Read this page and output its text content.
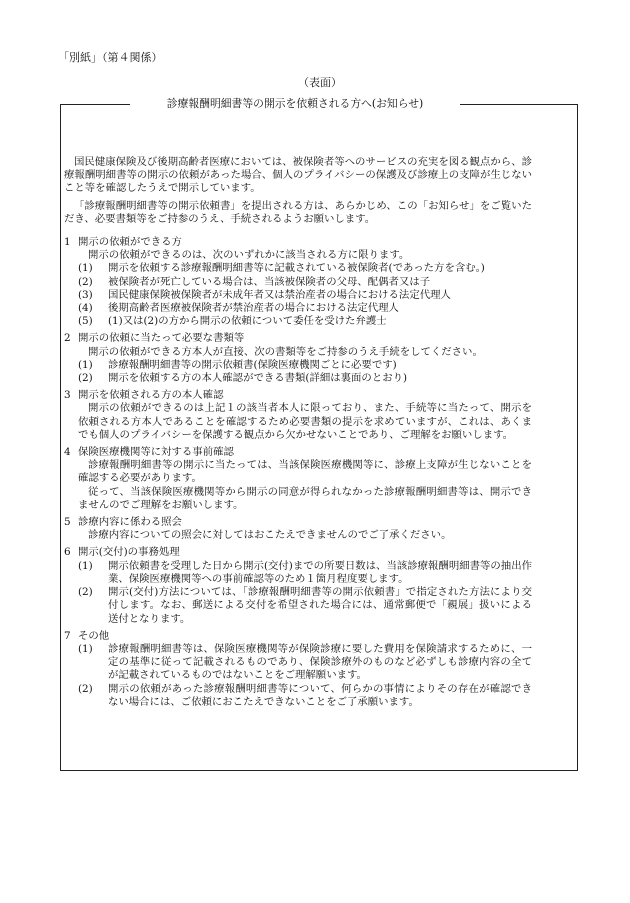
「別紙」（第４関係）
（表面）
診療報酬明細書等の開示を依頼される方へ(お知らせ)

国民健康保険及び後期高齢者医療においては、被保険者等へのサービスの充実を図る観点から、診療報酬明細書等の開示の依頼があった場合、個人のプライバシーの保護及び診療上の支障が生じないこと等を確認したうえで開示しています。

「診療報酬明細書等の開示依頼書」を提出される方は、あらかじめ、この「お知らせ」をご覧いただき、必要書類等をご持参のうえ、手続されるようお願いします。

1 開示の依頼ができる方

開示の依頼ができるのは、次のいずれかに該当される方に限ります。

(1)	開示を依頼する診療報酬明細書等に記載されている被保険者(であった方を含む。)
(2)	被保険者が死亡している場合は、当該被保険者の父母、配偶者又は子
(3)	国民健康保険被保険者が未成年者又は禁治産者の場合における法定代理人
(4)	後期高齢者医療被保険者が禁治産者の場合における法定代理人
(5)	(1)又は(2)の方から開示の依頼について委任を受けた弁護士
2 開示の依頼に当たって必要な書類等

開示の依頼ができる方本人が直接、次の書類等をご持参のうえ手続をしてください。

(1)	診療報酬明細書等の開示依頼書(保険医療機関ごとに必要です)
(2)	開示を依頼する方の本人確認ができる書類(詳細は裏面のとおり)
3 開示を依頼される方の本人確認

開示の依頼ができるのは上記１の該当者本人に限っており、また、手続等に当たって、開示を依頼される方本人であることを確認するため必要書類の提示を求めていますが、これは、あくまでも個人のプライバシーを保護する観点から欠かせないことであり、ご理解をお願いします。

4 保険医療機関等に対する事前確認

診療報酬明細書等の開示に当たっては、当該保険医療機関等に、診療上支障が生じないことを確認する必要があります。

従って、当該保険医療機関等から開示の同意が得られなかった診療報酬明細書等は、開示できませんのでご理解をお願いします。

5 診療内容に係わる照会

診療内容についての照会に対してはおこたえできませんのでご了承ください。

6 開示(交付)の事務処理
(1)	開示依頼書を受理した日から開示(交付)までの所要日数は、当該診療報酬明細書等の抽出作業、保険医療機関等への事前確認等のため１箇月程度要します。
(2)	開示(交付)方法については、「診療報酬明細書等の開示依頼書」で指定された方法により交付します。なお、郵送による交付を希望された場合には、通常郵便で「親展」扱いによる送付となります。
7 その他
(1)	診療報酬明細書等は、保険医療機関等が保険診療に要した費用を保険請求するために、一定の基準に従って記載されるものであり、保険診療外のものなど必ずしも診療内容の全てが記載されているものではないことをご理解願います。
(2)	開示の依頼があった診療報酬明細書等について、何らかの事情によりその存在が確認できない場合には、ご依頼におこたえできないことをご了承願います。
